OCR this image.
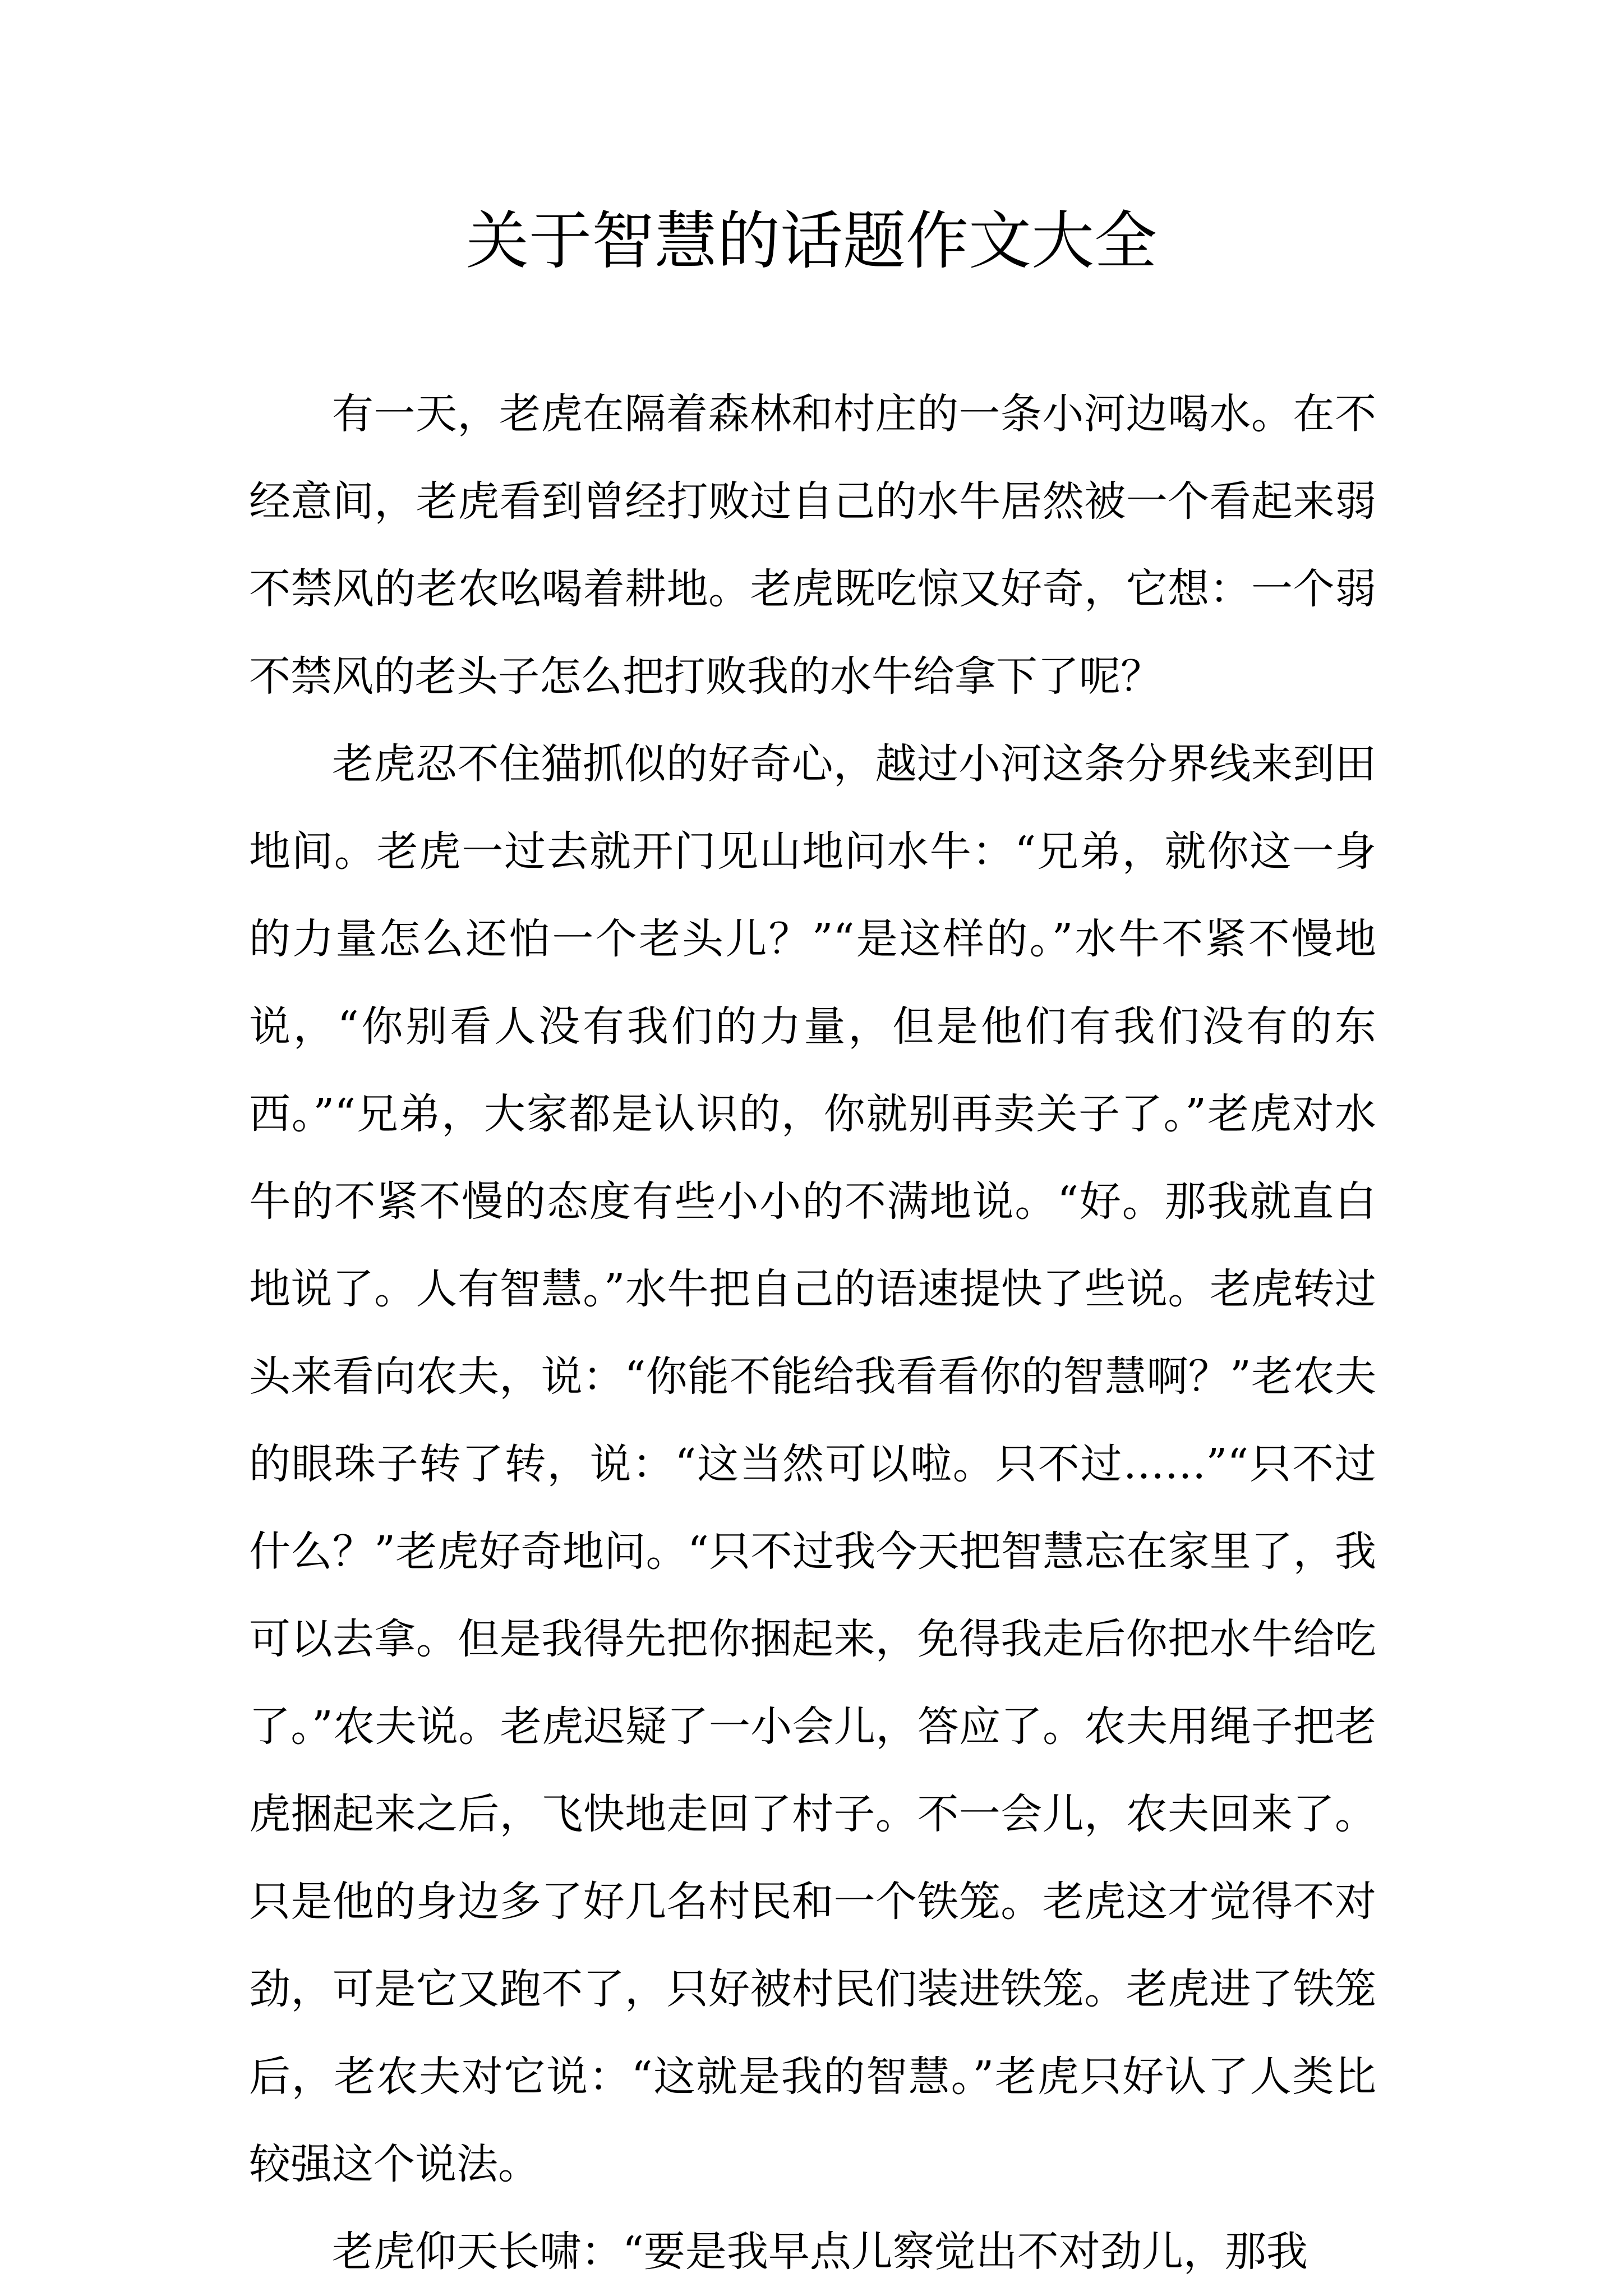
关于智慧的话题作文大全

有一天，老虎在隔着森林和村庄的一条小河边喝水。在不经意间，老虎看到曾经打败过自己的水牛居然被一个看起来弱不禁风的老农吆喝着耕地。老虎既吃惊又好奇，它想：一个弱不禁风的老头子怎么把打败我的水牛给拿下了呢？

老虎忍不住猫抓似的好奇心，越过小河这条分界线来到田地间。老虎一过去就开门见山地问水牛：“兄弟，就你这一身的力量怎么还怕一个老头儿？”“是这样的。”水牛不紧不慢地说，“你别看人没有我们的力量，但是他们有我们没有的东西。”“兄弟，大家都是认识的，你就别再卖关子了。”老虎对水牛的不紧不慢的态度有些小小的不满地说。“好。那我就直白地说了。人有智慧。”水牛把自己的语速提快了些说。老虎转过头来看向农夫，说：“你能不能给我看看你的智慧啊？”老农夫的眼珠子转了转，说：“这当然可以啦。只不过……”“只不过什么？”老虎好奇地问。“只不过我今天把智慧忘在家里了，我可以去拿。但是我得先把你捆起来，免得我走后你把水牛给吃了。”农夫说。老虎迟疑了一小会儿，答应了。农夫用绳子把老虎捆起来之后，飞快地走回了村子。不一会儿，农夫回来了。只是他的身边多了好几名村民和一个铁笼。老虎这才觉得不对劲，可是它又跑不了，只好被村民们装进铁笼。老虎进了铁笼后，老农夫对它说：“这就是我的智慧。”老虎只好认了人类比较强这个说法。

老虎仰天长啸：“要是我早点儿察觉出不对劲儿，那我
